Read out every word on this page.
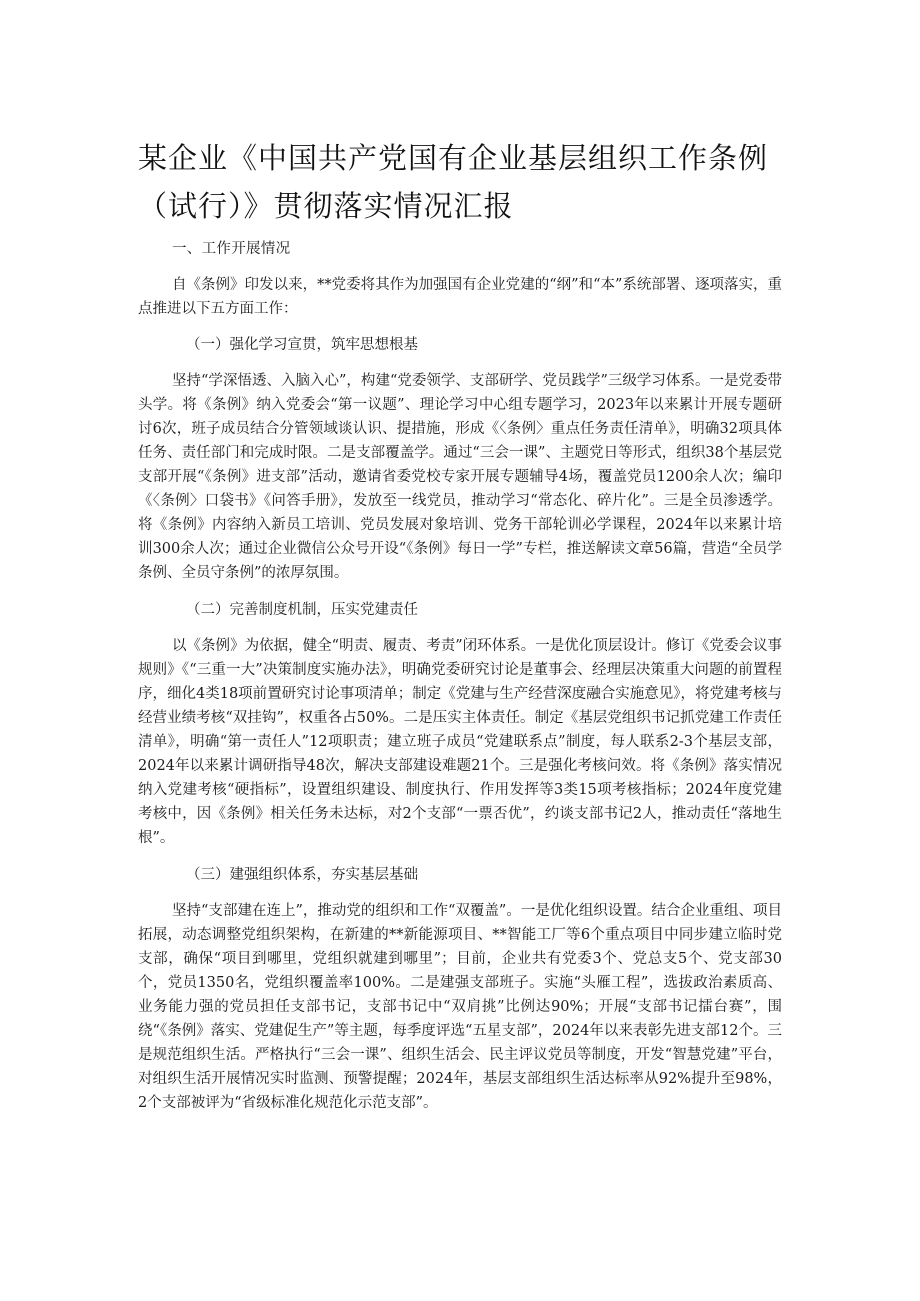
某企业《中国共产党国有企业基层组织工作条例（试行）》贯彻落实情况汇报

一、工作开展情况

自《条例》印发以来，**党委将其作为加强国有企业党建的“纲”和“本”系统部署、逐项落实，重点推进以下五方面工作：

（一）强化学习宣贯，筑牢思想根基

坚持“学深悟透、入脑入心”，构建“党委领学、支部研学、党员践学”三级学习体系。一是党委带头学。将《条例》纳入党委会“第一议题”、理论学习中心组专题学习，2023年以来累计开展专题研讨6次，班子成员结合分管领域谈认识、提措施，形成《〈条例〉重点任务责任清单》，明确32项具体任务、责任部门和完成时限。二是支部覆盖学。通过“三会一课”、主题党日等形式，组织38个基层党支部开展“《条例》进支部”活动，邀请省委党校专家开展专题辅导4场，覆盖党员1200余人次；编印《〈条例〉口袋书》《问答手册》，发放至一线党员，推动学习“常态化、碎片化”。三是全员渗透学。将《条例》内容纳入新员工培训、党员发展对象培训、党务干部轮训必学课程，2024年以来累计培训300余人次；通过企业微信公众号开设“《条例》每日一学”专栏，推送解读文章56篇，营造“全员学条例、全员守条例”的浓厚氛围。

（二）完善制度机制，压实党建责任

以《条例》为依据，健全“明责、履责、考责”闭环体系。一是优化顶层设计。修订《党委会议事规则》《“三重一大”决策制度实施办法》，明确党委研究讨论是董事会、经理层决策重大问题的前置程序，细化4类18项前置研究讨论事项清单；制定《党建与生产经营深度融合实施意见》，将党建考核与经营业绩考核“双挂钩”，权重各占50%。二是压实主体责任。制定《基层党组织书记抓党建工作责任清单》，明确“第一责任人”12项职责；建立班子成员“党建联系点”制度，每人联系2-3个基层支部，2024年以来累计调研指导48次，解决支部建设难题21个。三是强化考核问效。将《条例》落实情况纳入党建考核“硬指标”，设置组织建设、制度执行、作用发挥等3类15项考核指标；2024年度党建考核中，因《条例》相关任务未达标，对2个支部“一票否优”，约谈支部书记2人，推动责任“落地生根”。

（三）建强组织体系，夯实基层基础

坚持“支部建在连上”，推动党的组织和工作“双覆盖”。一是优化组织设置。结合企业重组、项目拓展，动态调整党组织架构，在新建的**新能源项目、**智能工厂等6个重点项目中同步建立临时党支部，确保“项目到哪里，党组织就建到哪里”；目前，企业共有党委3个、党总支5个、党支部30个，党员1350名，党组织覆盖率100%。二是建强支部班子。实施“头雁工程”，选拔政治素质高、业务能力强的党员担任支部书记，支部书记中“双肩挑”比例达90%；开展“支部书记擂台赛”，围绕“《条例》落实、党建促生产”等主题，每季度评选“五星支部”，2024年以来表彰先进支部12个。三是规范组织生活。严格执行“三会一课”、组织生活会、民主评议党员等制度，开发“智慧党建”平台，对组织生活开展情况实时监测、预警提醒；2024年，基层支部组织生活达标率从92%提升至98%，2个支部被评为“省级标准化规范化示范支部”。
